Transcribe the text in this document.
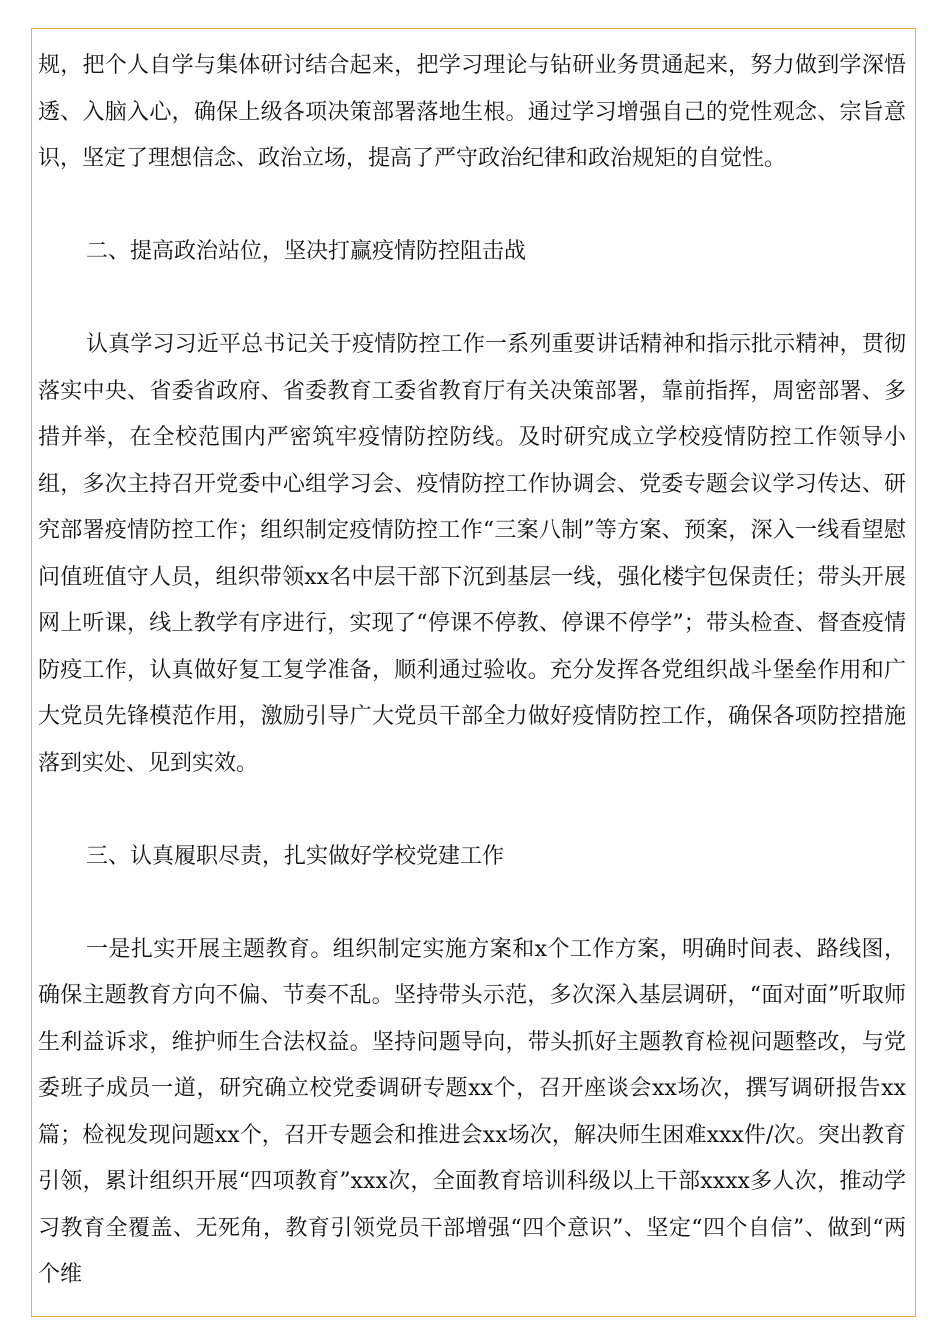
规，把个人自学与集体研讨结合起来，把学习理论与钻研业务贯通起来，努力做到学深悟透、入脑入心，确保上级各项决策部署落地生根。通过学习增强自己的党性观念、宗旨意识，坚定了理想信念、政治立场，提高了严守政治纪律和政治规矩的自觉性。

二、提高政治站位，坚决打赢疫情防控阻击战

认真学习习近平总书记关于疫情防控工作一系列重要讲话精神和指示批示精神，贯彻落实中央、省委省政府、省委教育工委省教育厅有关决策部署，靠前指挥，周密部署、多措并举，在全校范围内严密筑牢疫情防控防线。及时研究成立学校疫情防控工作领导小组，多次主持召开党委中心组学习会、疫情防控工作协调会、党委专题会议学习传达、研究部署疫情防控工作；组织制定疫情防控工作“三案八制”等方案、预案，深入一线看望慰问值班值守人员，组织带领xx名中层干部下沉到基层一线，强化楼宇包保责任；带头开展网上听课，线上教学有序进行，实现了“停课不停教、停课不停学”；带头检查、督查疫情防疫工作，认真做好复工复学准备，顺利通过验收。充分发挥各党组织战斗堡垒作用和广大党员先锋模范作用，激励引导广大党员干部全力做好疫情防控工作，确保各项防控措施落到实处、见到实效。

三、认真履职尽责，扎实做好学校党建工作

一是扎实开展主题教育。组织制定实施方案和x个工作方案，明确时间表、路线图，确保主题教育方向不偏、节奏不乱。坚持带头示范，多次深入基层调研，“面对面”听取师生利益诉求，维护师生合法权益。坚持问题导向，带头抓好主题教育检视问题整改，与党委班子成员一道，研究确立校党委调研专题xx个，召开座谈会xx场次，撰写调研报告xx篇；检视发现问题xx个，召开专题会和推进会xx场次，解决师生困难xxx件/次。突出教育引领，累计组织开展“四项教育”xxx次，全面教育培训科级以上干部xxxx多人次，推动学习教育全覆盖、无死角，教育引领党员干部增强“四个意识”、坚定“四个自信”、做到“两个维
